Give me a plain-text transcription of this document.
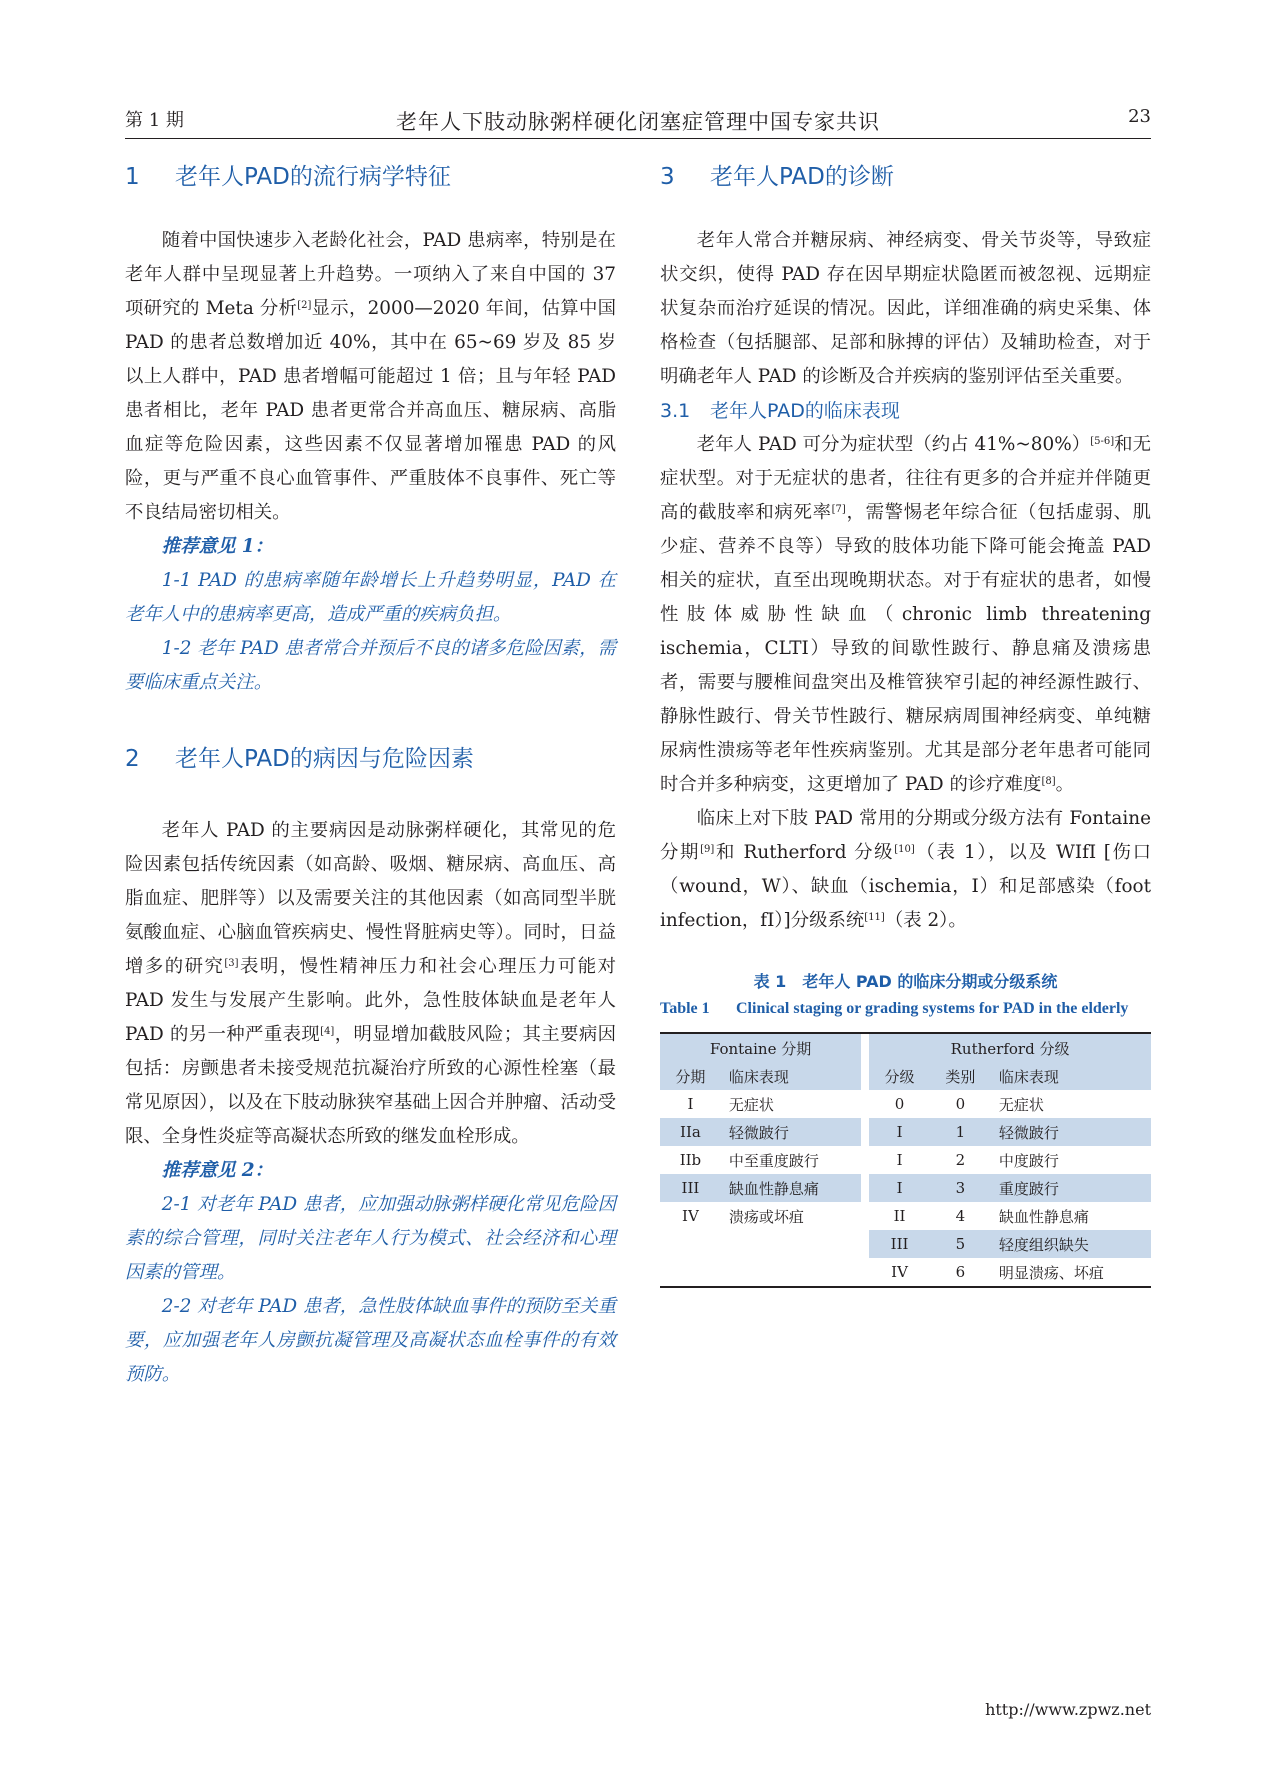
第 1 期	老年人下肢动脉粥样硬化闭塞症管理中国专家共识	23
1	老年人PAD的流行病学特征

随着中国快速步入老龄化社会，PAD 患病率，特别是在老年人群中呈现显著上升趋势。一项纳入了来自中国的 37 项研究的 Meta 分析[2]显示，2000—2020 年间，估算中国 PAD 的患者总数增加近 40%，其中在 65~69 岁及 85 岁以上人群中，PAD 患者增幅可能超过 1 倍；且与年轻 PAD 患者相比，老年 PAD 患者更常合并高血压、糖尿病、高脂血症等危险因素，这些因素不仅显著增加罹患 PAD 的风险，更与严重不良心血管事件、严重肢体不良事件、死亡等不良结局密切相关。

推荐意见 1：

1-1 PAD 的患病率随年龄增长上升趋势明显，PAD 在老年人中的患病率更高，造成严重的疾病负担。

1-2 老年 PAD 患者常合并预后不良的诸多危险因素，需要临床重点关注。

2	老年人PAD的病因与危险因素

老年人 PAD 的主要病因是动脉粥样硬化，其常见的危险因素包括传统因素（如高龄、吸烟、糖尿病、高血压、高脂血症、肥胖等）以及需要关注的其他因素（如高同型半胱氨酸血症、心脑血管疾病史、慢性肾脏病史等）。同时，日益增多的研究[3]表明，慢性精神压力和社会心理压力可能对 PAD 发生与发展产生影响。此外，急性肢体缺血是老年人 PAD 的另一种严重表现[4]，明显增加截肢风险；其主要病因包括：房颤患者未接受规范抗凝治疗所致的心源性栓塞（最常见原因），以及在下肢动脉狭窄基础上因合并肿瘤、活动受限、全身性炎症等高凝状态所致的继发血栓形成。

推荐意见 2：

2-1 对老年 PAD 患者，应加强动脉粥样硬化常见危险因素的综合管理，同时关注老年人行为模式、社会经济和心理因素的管理。

2-2 对老年 PAD 患者，急性肢体缺血事件的预防至关重要，应加强老年人房颤抗凝管理及高凝状态血栓事件的有效预防。

3	老年人PAD的诊断

老年人常合并糖尿病、神经病变、骨关节炎等，导致症状交织，使得 PAD 存在因早期症状隐匿而被忽视、远期症状复杂而治疗延误的情况。因此，详细准确的病史采集、体格检查（包括腿部、足部和脉搏的评估）及辅助检查，对于明确老年人 PAD 的诊断及合并疾病的鉴别评估至关重要。

3.1	老年人PAD的临床表现

老年人 PAD 可分为症状型（约占 41%~80%）[5-6]和无症状型。对于无症状的患者，往往有更多的合并症并伴随更高的截肢率和病死率[7]，需警惕老年综合征（包括虚弱、肌少症、营养不良等）导致的肢体功能下降可能会掩盖 PAD 相关的症状，直至出现晚期状态。对于有症状的患者，如慢性肢体威胁性缺血（chronic limb threatening ischemia，CLTI）导致的间歇性跛行、静息痛及溃疡患者，需要与腰椎间盘突出及椎管狭窄引起的神经源性跛行、静脉性跛行、骨关节性跛行、糖尿病周围神经病变、单纯糖尿病性溃疡等老年性疾病鉴别。尤其是部分老年患者可能同时合并多种病变，这更增加了 PAD 的诊疗难度[8]。

临床上对下肢 PAD 常用的分期或分级方法有 Fontaine 分期[9]和 Rutherford 分级[10]（表 1），以及 WIfI [伤口（wound，W）、缺血（ischemia，I）和足部感染（foot infection，fI）]分级系统[11]（表 2）。

表 1　老年人 PAD 的临床分期或分级系统
Table 1	Clinical staging or grading systems for PAD in the elderly
Fontaine 分期			Rutherford 分级		
分期	临床表现		分级	类别	临床表现
I	无症状		0	0	无症状
IIa	轻微跛行		I	1	轻微跛行
IIb	中至重度跛行		I	2	中度跛行
III	缺血性静息痛		I	3	重度跛行
IV	溃疡或坏疽		II	4	缺血性静息痛
			III	5	轻度组织缺失
			IV	6	明显溃疡、坏疽
http://www.zpwz.net
